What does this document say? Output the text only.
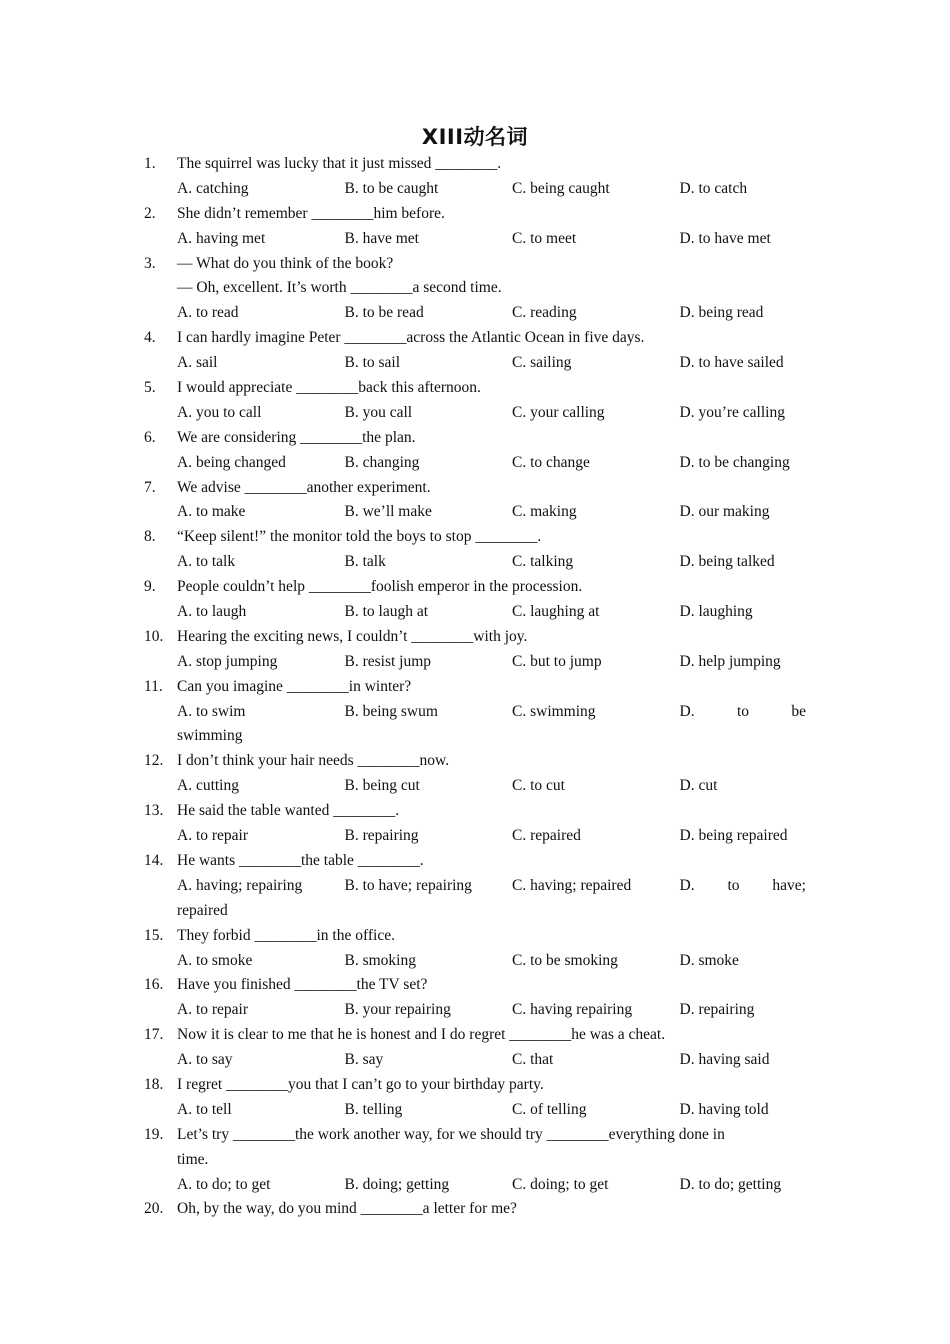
XIII动名词
1. The squirrel was lucky that it just missed ________.
A. catching	B. to be caught	C. being caught	D. to catch
2. She didn’t remember ________him before.
A. having met	B. have met	C. to meet	D. to have met
3. — What do you think of the book?
— Oh, excellent. It’s worth ________a second time.
A. to read	B. to be read	C. reading	D. being read
4. I can hardly imagine Peter ________across the Atlantic Ocean in five days.
A. sail	B. to sail	C. sailing	D. to have sailed
5. I would appreciate ________back this afternoon.
A. you to call	B. you call	C. your calling	D. you’re calling
6. We are considering ________the plan.
A. being changed	B. changing	C. to change	D. to be changing
7. We advise ________another experiment.
A. to make	B. we’ll make	C. making	D. our making
8. “Keep silent!” the monitor told the boys to stop ________.
A. to talk	B. talk	C. talking	D. being talked
9. People couldn’t help ________foolish emperor in the procession.
A. to laugh	B. to laugh at	C. laughing at	D. laughing
10. Hearing the exciting news, I couldn’t ________with joy.
A. stop jumping	B. resist jump	C. but to jump	D. help jumping
11. Can you imagine ________in winter?
A. to swim	B. being swum	C. swimming	D.	to	be
swimming
12. I don’t think your hair needs ________now.
A. cutting	B. being cut	C. to cut	D. cut
13. He said the table wanted ________.
A. to repair	B. repairing	C. repaired	D. being repaired
14. He wants ________the table ________.
A. having; repairing	B. to have; repairing	C. having; repaired	D. to have;
repaired
15. They forbid ________in the office.
A. to smoke	B. smoking	C. to be smoking	D. smoke
16. Have you finished ________the TV set?
A. to repair	B. your repairing	C. having repairing	D. repairing
17. Now it is clear to me that he is honest and I do regret ________he was a cheat.
A. to say	B. say	C. that	D. having said
18. I regret ________you that I can’t go to your birthday party.
A. to tell	B. telling	C. of telling	D. having told
19. Let’s try ________the work another way, for we should try ________everything done in
time.
A. to do; to get	B. doing; getting	C. doing; to get	D. to do; getting
20. Oh, by the way, do you mind ________a letter for me?
